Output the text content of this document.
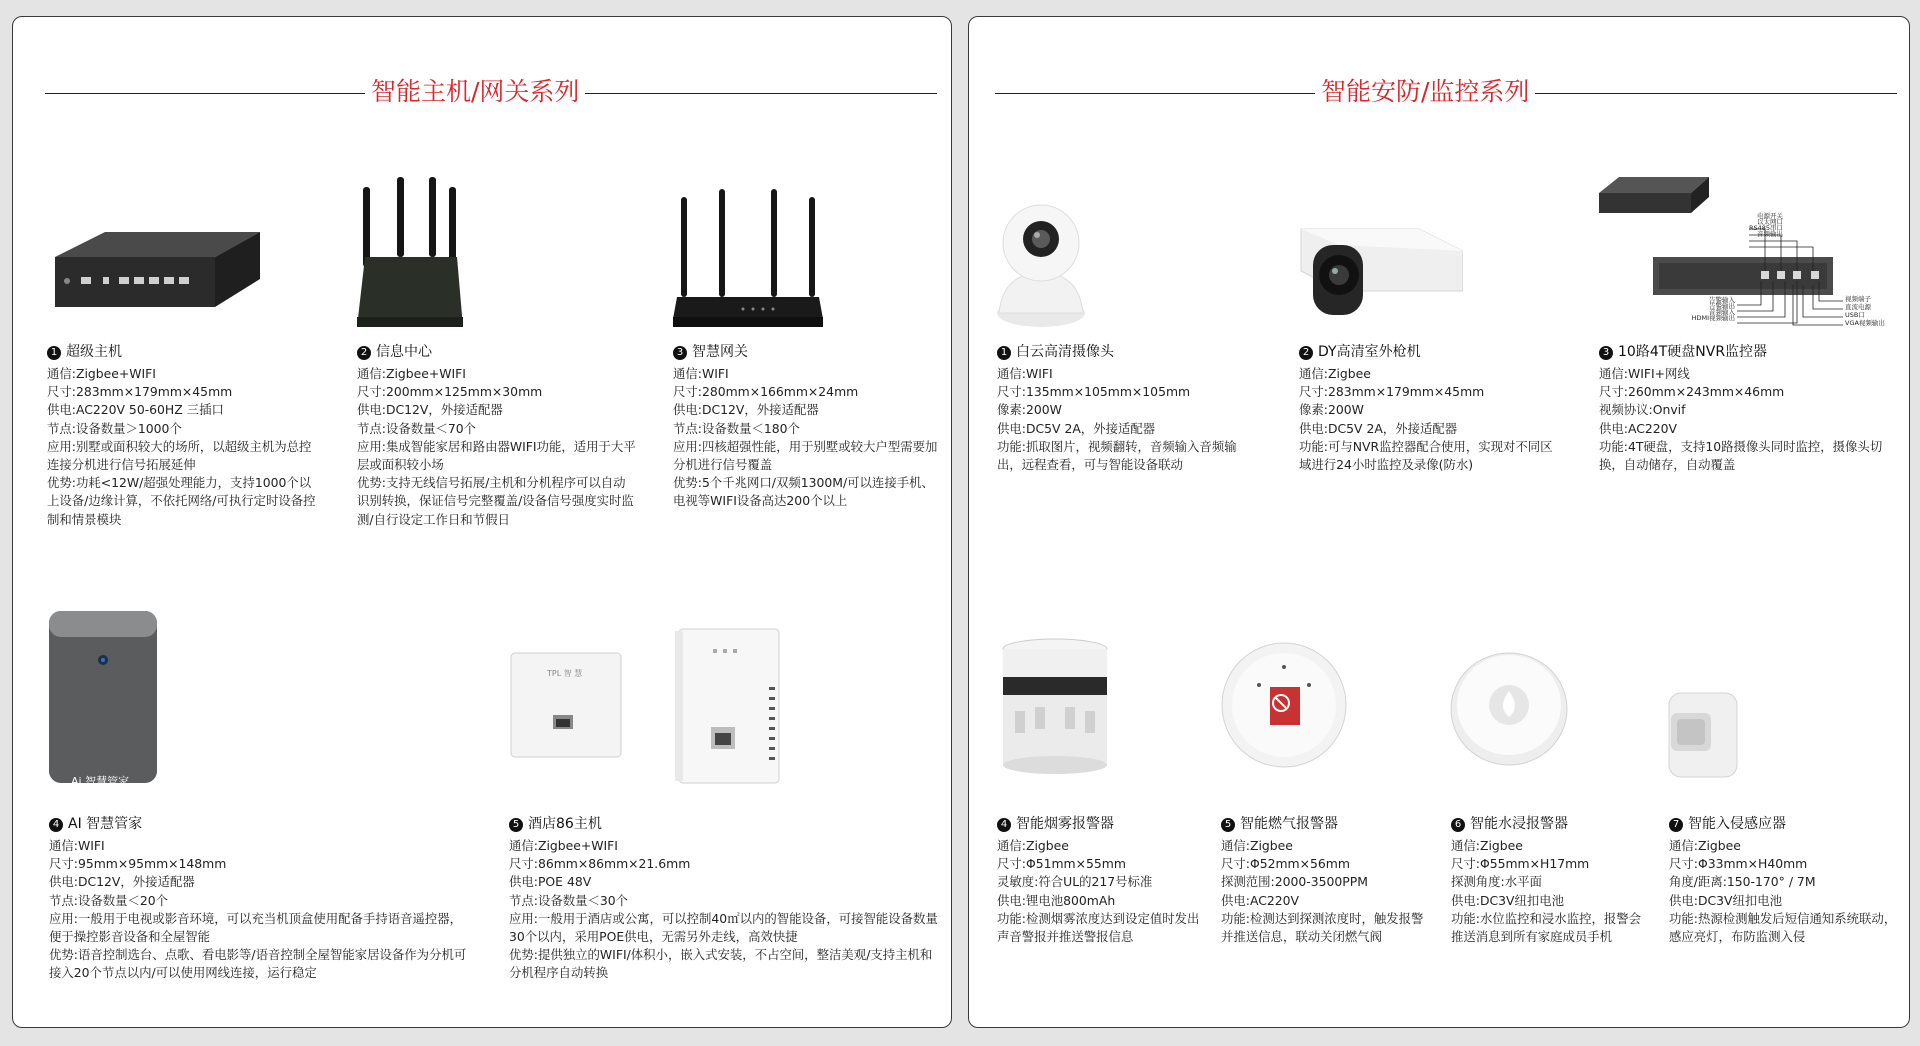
智能主机/网关系列
1 超级主机
通信:Zigbee+WIFI
尺寸:283mm×179mm×45mm
供电:AC220V 50-60HZ 三插口
节点:设备数量＞1000个
应用:别墅或面积较大的场所，以超级主机为总控连接分机进行信号拓展延伸
优势:功耗<12W/超强处理能力，支持1000个以上设备/边缘计算，不依托网络/可执行定时设备控制和情景模块
2 信息中心
通信:Zigbee+WIFI
尺寸:200mm×125mm×30mm
供电:DC12V，外接适配器
节点:设备数量＜70个
应用:集成智能家居和路由器WIFI功能，适用于大平层或面积较小场
优势:支持无线信号拓展/主机和分机程序可以自动识别转换，保证信号完整覆盖/设备信号强度实时监测/自行设定工作日和节假日
3 智慧网关
通信:WIFI
尺寸:280mm×166mm×24mm
供电:DC12V，外接适配器
节点:设备数量＜180个
应用:四核超强性能，用于别墅或较大户型需要加分机进行信号覆盖
优势:5个千兆网口/双频1300M/可以连接手机、电视等WIFI设备高达200个以上
Ai 智慧管家
4 AI 智慧管家
通信:WIFI
尺寸:95mm×95mm×148mm
供电:DC12V，外接适配器
节点:设备数量＜20个
应用:一般用于电视或影音环境，可以充当机顶盒使用配备手持语音遥控器，便于操控影音设备和全屋智能
优势:语音控制选台、点歌、看电影等/语音控制全屋智能家居设备作为分机可接入20个节点以内/可以使用网线连接，运行稳定
TPL 智 慧
5 酒店86主机
通信:Zigbee+WIFI
尺寸:86mm×86mm×21.6mm
供电:POE 48V
节点:设备数量＜30个
应用:一般用于酒店或公寓，可以控制40㎡以内的智能设备，可接智能设备数量30个以内，采用POE供电，无需另外走线，高效快捷
优势:提供独立的WIFI/体积小，嵌入式安装，不占空间，整洁美观/支持主机和分机程序自动转换
智能安防/监控系列
1 白云高清摄像头
通信:WIFI
尺寸:135mm×105mm×105mm
像素:200W
供电:DC5V 2A，外接适配器
功能:抓取图片，视频翻转，音频输入音频输出，远程查看，可与智能设备联动
2 DY高清室外枪机
通信:Zigbee
尺寸:283mm×179mm×45mm
像素:200W
供电:DC5V 2A，外接适配器
功能:可与NVR监控器配合使用，实现对不同区域进行24小时监控及录像(防水)
电源开关
以太网口
RS485串口
音频输出
告警输入
告警输出
音频输入
HDMI视频输出
视频端子
直流电源
USB口
VGA视频输出
3 10路4T硬盘NVR监控器
通信:WIFI+网线
尺寸:260mm×243mm×46mm
视频协议:Onvif
供电:AC220V
功能:4T硬盘，支持10路摄像头同时监控，摄像头切换，自动储存，自动覆盖
4 智能烟雾报警器
通信:Zigbee
尺寸:Φ51mm×55mm
灵敏度:符合UL的217号标准
供电:锂电池800mAh
功能:检测烟雾浓度达到设定值时发出声音警报并推送警报信息
5 智能燃气报警器
通信:Zigbee
尺寸:Φ52mm×56mm
探测范围:2000-3500PPM
供电:AC220V
功能:检测达到探测浓度时，触发报警并推送信息，联动关闭燃气阀
6 智能水浸报警器
通信:Zigbee
尺寸:Φ55mm×H17mm
探测角度:水平面
供电:DC3V纽扣电池
功能:水位监控和浸水监控，报警会推送消息到所有家庭成员手机
7 智能入侵感应器
通信:Zigbee
尺寸:Φ33mm×H40mm
角度/距离:150-170° / 7M
供电:DC3V纽扣电池
功能:热源检测触发后短信通知系统联动，感应亮灯，布防监测入侵
